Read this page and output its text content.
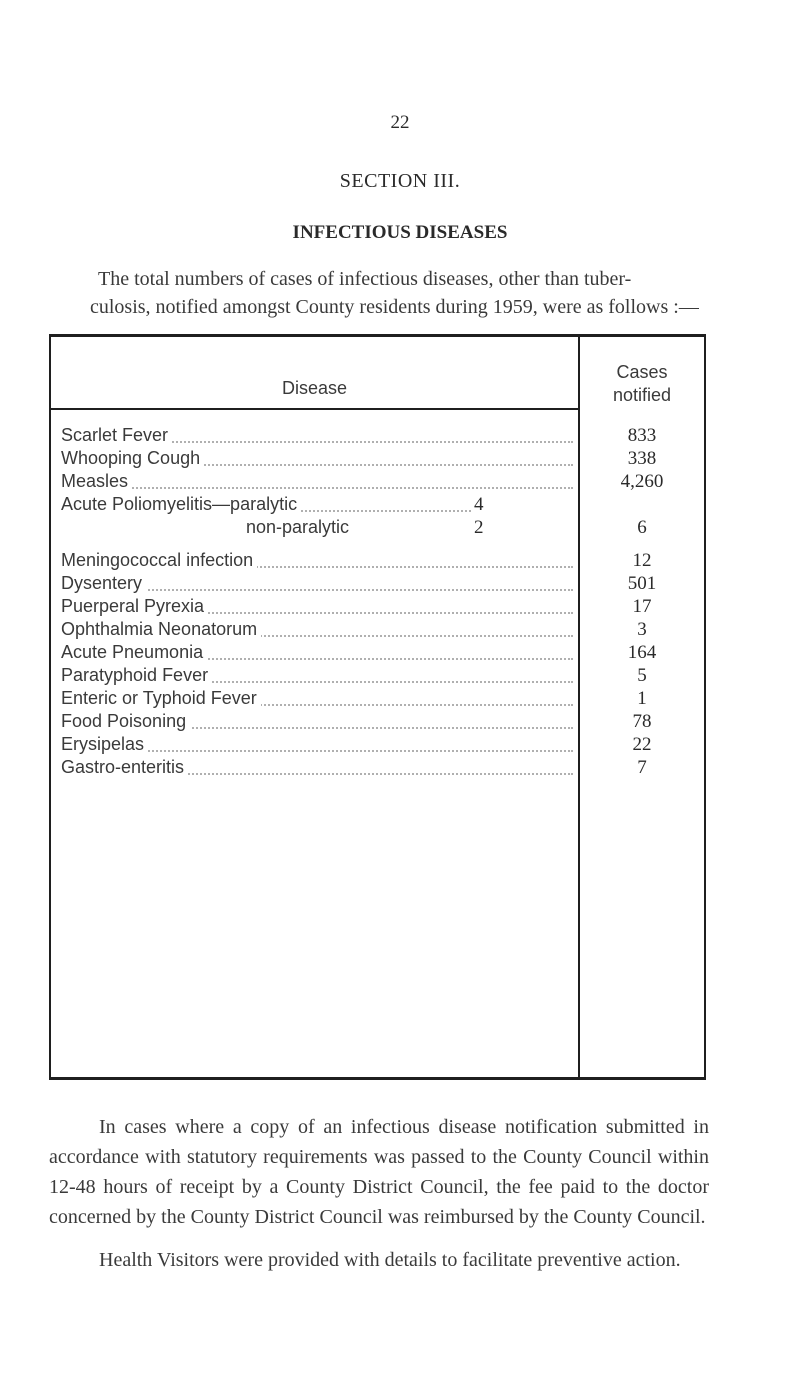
22
SECTION III.
INFECTIOUS DISEASES
The total numbers of cases of infectious diseases, other than tuber-
culosis, notified amongst County residents during 1959, were as follows :—
Disease
Cases
notified
Scarlet Fever	833
Whooping Cough	338
Measles	4,260
Acute Poliomyelitis—paralytic	4
non-paralytic	2	6
Meningococcal infection	12
Dysentery	501
Puerperal Pyrexia	17
Ophthalmia Neonatorum	3
Acute Pneumonia	164
Paratyphoid Fever	5
Enteric or Typhoid Fever	1
Food Poisoning	78
Erysipelas	22
Gastro-enteritis	7
In cases where a copy of an infectious disease notification submitted in accordance with statutory requirements was passed to the County Council within 12-48 hours of receipt by a County District Council, the fee paid to the doctor concerned by the County District Council was reimbursed by the County Council.
Health Visitors were provided with details to facilitate preventive action.
